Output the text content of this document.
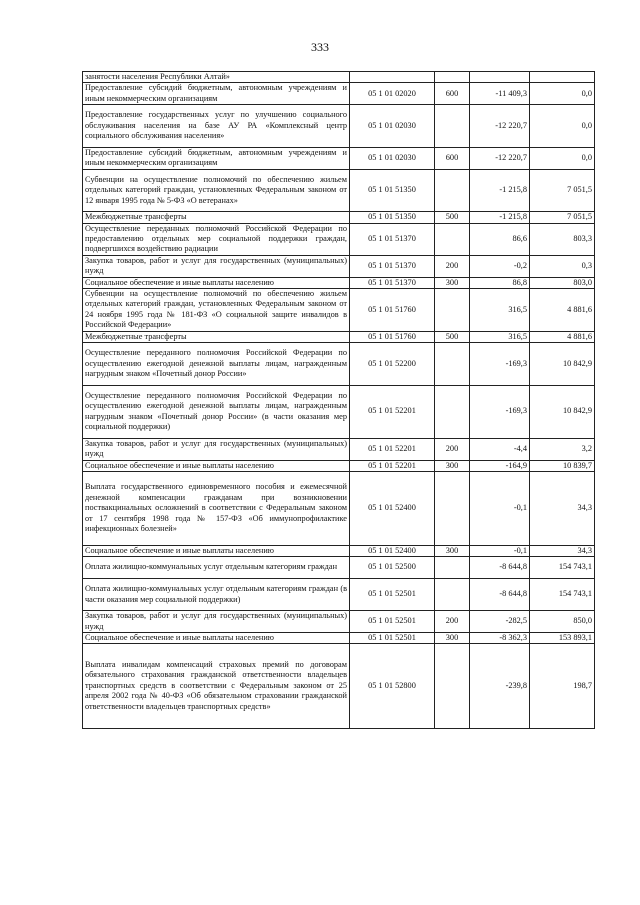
333
занятости населения Республики Алтай»				
Предоставление субсидий бюджетным, автономным учреждениям и иным некоммерческим организациям	05 1 01 02020	600	-11 409,3	0,0
Предоставление государственных услуг по улучшению социального обслуживания населения на базе АУ РА «Комплексный центр социального обслуживания населения»	05 1 01 02030		-12 220,7	0,0
Предоставление субсидий бюджетным, автономным учреждениям и иным некоммерческим организациям	05 1 01 02030	600	-12 220,7	0,0
Субвенции на осуществление полномочий по обеспечению жильем отдельных категорий граждан, установленных Федеральным законом от 12 января 1995 года № 5-ФЗ «О ветеранах»	05 1 01 51350		-1 215,8	7 051,5
Межбюджетные трансферты	05 1 01 51350	500	-1 215,8	7 051,5
Осуществление переданных полномочий Российской Федерации по предоставлению отдельных мер социальной поддержки граждан, подвергшихся воздействию радиации	05 1 01 51370		86,6	803,3
Закупка товаров, работ и услуг для государственных (муниципальных) нужд	05 1 01 51370	200	-0,2	0,3
Социальное обеспечение и иные выплаты населению	05 1 01 51370	300	86,8	803,0
Субвенции на осуществление полномочий по обеспечению жильем отдельных категорий граждан, установленных Федеральным законом от 24 ноября 1995 года № 181-ФЗ «О социальной защите инвалидов в Российской Федерации»	05 1 01 51760		316,5	4 881,6
Межбюджетные трансферты	05 1 01 51760	500	316,5	4 881,6
Осуществление переданного полномочия Российской Федерации по осуществлению ежегодной денежной выплаты лицам, награжденным нагрудным знаком «Почетный донор России»	05 1 01 52200		-169,3	10 842,9
Осуществление переданного полномочия Российской Федерации по осуществлению ежегодной денежной выплаты лицам, награжденным нагрудным знаком «Почетный донор России» (в части оказания мер социальной поддержки)	05 1 01 52201		-169,3	10 842,9
Закупка товаров, работ и услуг для государственных (муниципальных) нужд	05 1 01 52201	200	-4,4	3,2
Социальное обеспечение и иные выплаты населению	05 1 01 52201	300	-164,9	10 839,7
Выплата государственного единовременного пособия и ежемесячной денежной компенсации гражданам при возникновении поствакцинальных осложнений в соответствии с Федеральным законом от 17 сентября 1998 года № 157-ФЗ «Об иммунопрофилактике инфекционных болезней»	05 1 01 52400		-0,1	34,3
Социальное обеспечение и иные выплаты населению	05 1 01 52400	300	-0,1	34,3
Оплата жилищно-коммунальных услуг отдельным категориям граждан	05 1 01 52500		-8 644,8	154 743,1
Оплата жилищно-коммунальных услуг отдельным категориям граждан (в части оказания мер социальной поддержки)	05 1 01 52501		-8 644,8	154 743,1
Закупка товаров, работ и услуг для государственных (муниципальных) нужд	05 1 01 52501	200	-282,5	850,0
Социальное обеспечение и иные выплаты населению	05 1 01 52501	300	-8 362,3	153 893,1
Выплата инвалидам компенсаций страховых премий по договорам обязательного страхования гражданской ответственности владельцев транспортных средств в соответствии с Федеральным законом от 25 апреля 2002 года № 40-ФЗ «Об обязательном страховании гражданской ответственности владельцев транспортных средств»	05 1 01 52800		-239,8	198,7
